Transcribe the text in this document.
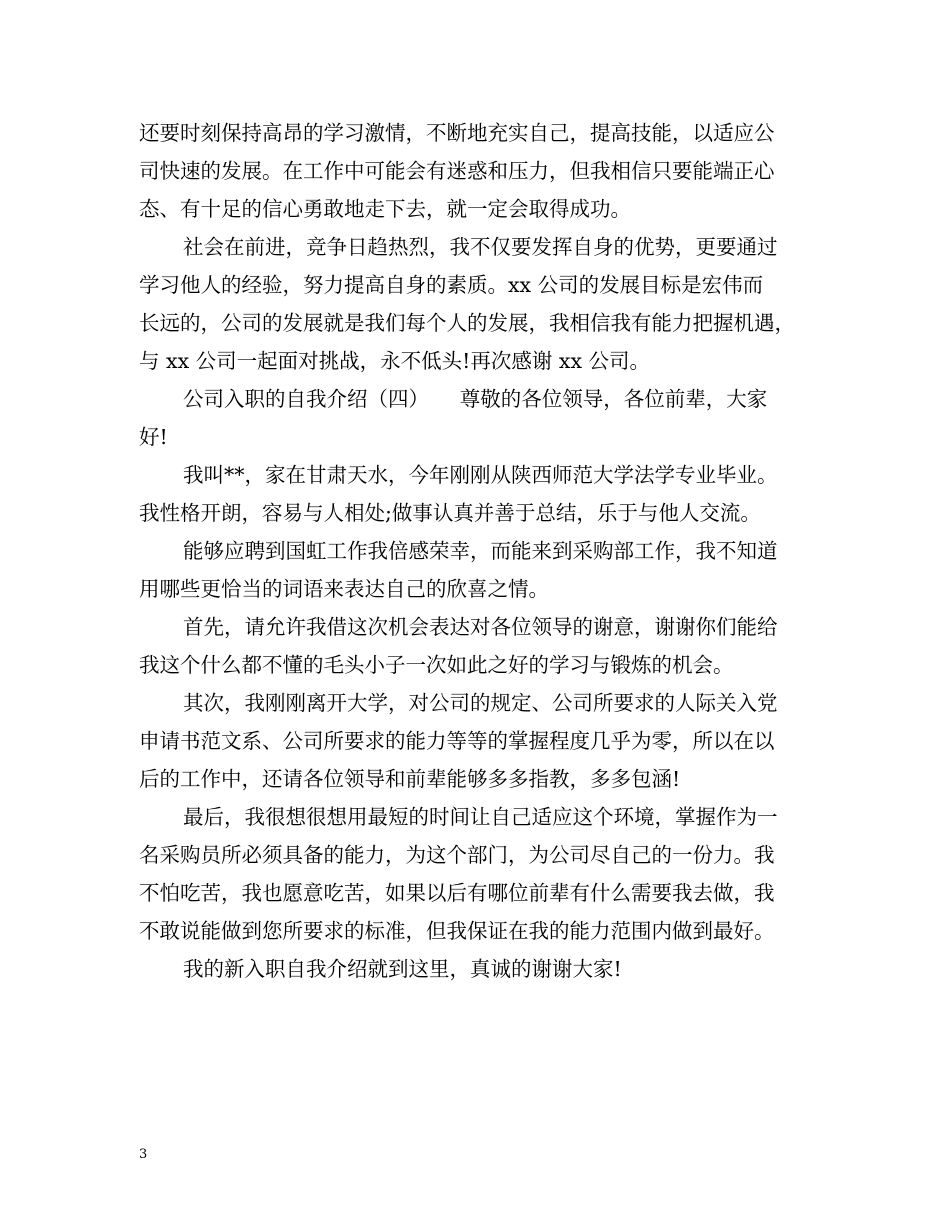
还要时刻保持高昂的学习激情，不断地充实自己，提高技能，以适应公
司快速的发展。在工作中可能会有迷惑和压力，但我相信只要能端正心
态、有十足的信心勇敢地走下去，就一定会取得成功。
社会在前进，竞争日趋热烈，我不仅要发挥自身的优势，更要通过
学习他人的经验，努力提高自身的素质。xx 公司的发展目标是宏伟而
长远的，公司的发展就是我们每个人的发展，我相信我有能力把握机遇，
与 xx 公司一起面对挑战，永不低头!再次感谢 xx 公司。
公司入职的自我介绍（四）　　尊敬的各位领导，各位前辈，大家
好!
我叫**，家在甘肃天水，今年刚刚从陕西师范大学法学专业毕业。
我性格开朗，容易与人相处;做事认真并善于总结，乐于与他人交流。
能够应聘到国虹工作我倍感荣幸，而能来到采购部工作，我不知道
用哪些更恰当的词语来表达自己的欣喜之情。
首先，请允许我借这次机会表达对各位领导的谢意，谢谢你们能给
我这个什么都不懂的毛头小子一次如此之好的学习与锻炼的机会。
其次，我刚刚离开大学，对公司的规定、公司所要求的人际关入党
申请书范文系、公司所要求的能力等等的掌握程度几乎为零，所以在以
后的工作中，还请各位领导和前辈能够多多指教，多多包涵!
最后，我很想很想用最短的时间让自己适应这个环境，掌握作为一
名采购员所必须具备的能力，为这个部门，为公司尽自己的一份力。我
不怕吃苦，我也愿意吃苦，如果以后有哪位前辈有什么需要我去做，我
不敢说能做到您所要求的标准，但我保证在我的能力范围内做到最好。
我的新入职自我介绍就到这里，真诚的谢谢大家!
3
